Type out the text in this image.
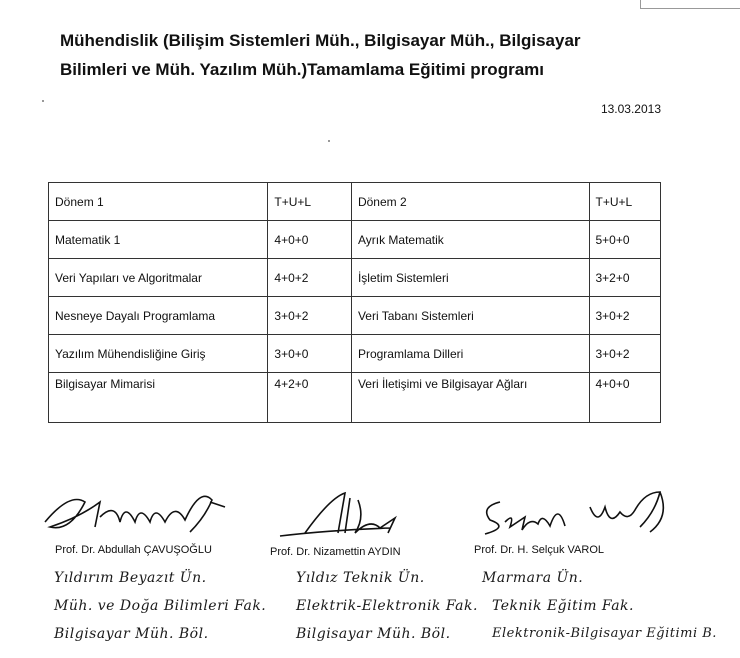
Mühendislik (Bilişim Sistemleri Müh., Bilgisayar Müh., Bilgisayar
Bilimleri ve Müh. Yazılım Müh.)Tamamlama Eğitimi programı
13.03.2013
Dönem 1	T+U+L	Dönem 2	T+U+L
Matematik 1	4+0+0	Ayrık Matematik	5+0+0
Veri Yapıları ve Algoritmalar	4+0+2	İşletim Sistemleri	3+2+0
Nesneye Dayalı Programlama	3+0+2	Veri Tabanı Sistemleri	3+0+2
Yazılım Mühendisliğine Giriş	3+0+0	Programlama Dilleri	3+0+2
Bilgisayar Mimarisi	4+2+0	Veri İletişimi ve Bilgisayar Ağları	4+0+0
Prof. Dr. Abdullah ÇAVUŞOĞLU
Yıldırım Beyazıt Ün.
Müh. ve Doğa Bilimleri Fak.
Bilgisayar Müh. Böl.
Prof. Dr. Nizamettin AYDIN
Yıldız Teknik Ün.
Elektrik-Elektronik Fak.
Bilgisayar Müh. Böl.
Prof. Dr. H. Selçuk VAROL
Marmara Ün.
Teknik Eğitim Fak.
Elektronik-Bilgisayar Eğitimi B.
